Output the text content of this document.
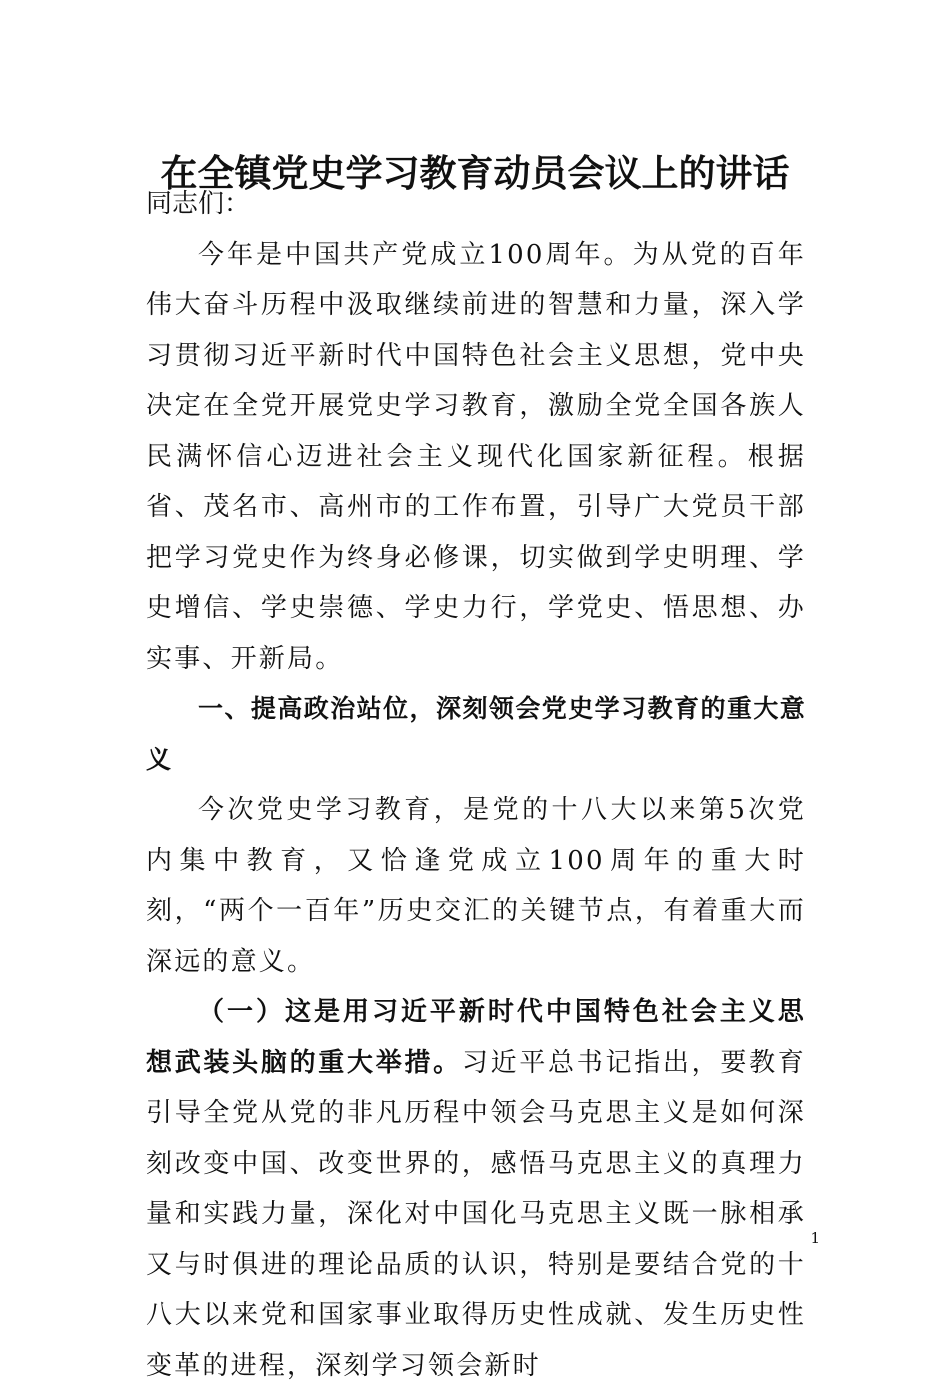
在全镇党史学习教育动员会议上的讲话

同志们：

今年是中国共产党成立100周年。为从党的百年伟大奋斗历程中汲取继续前进的智慧和力量，深入学习贯彻习近平新时代中国特色社会主义思想，党中央决定在全党开展党史学习教育，激励全党全国各族人民满怀信心迈进社会主义现代化国家新征程。根据省、茂名市、高州市的工作布置，引导广大党员干部把学习党史作为终身必修课，切实做到学史明理、学史增信、学史崇德、学史力行，学党史、悟思想、办实事、开新局。

一、提高政治站位，深刻领会党史学习教育的重大意义

今次党史学习教育，是党的十八大以来第5次党内集中教育，又恰逢党成立100周年的重大时刻，“两个一百年”历史交汇的关键节点，有着重大而深远的意义。

（一）这是用习近平新时代中国特色社会主义思想武装头脑的重大举措。习近平总书记指出，要教育引导全党从党的非凡历程中领会马克思主义是如何深刻改变中国、改变世界的，感悟马克思主义的真理力量和实践力量，深化对中国化马克思主义既一脉相承又与时俱进的理论品质的认识，特别是要结合党的十八大以来党和国家事业取得历史性成就、发生历史性变革的进程，深刻学习领会新时

1
